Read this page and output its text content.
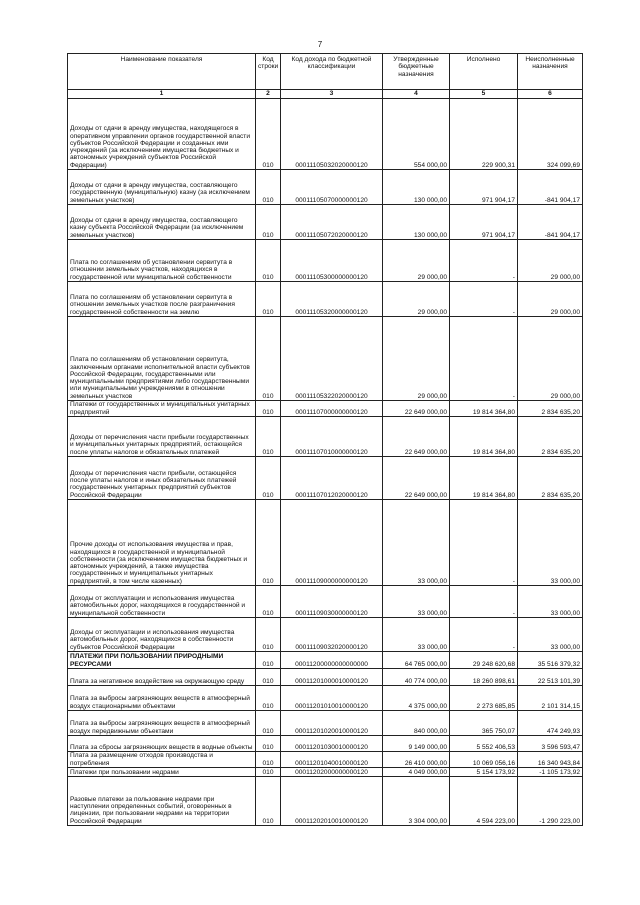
7
Наименование показателя	Код строки	Код дохода по бюджетной классификации	Утвержденные бюджетные назначения	Исполнено	Неисполненные назначения
1	2	3	4	5	6
Доходы от сдачи в аренду имущества, находящегося в оперативном управлении органов государственной власти субъектов Российской Федерации и созданных ими учреждений (за исключением имущества бюджетных и автономных учреждений субъектов Российской Федерации)	010	00011105032020000120	554 000,00	229 900,31	324 099,69
Доходы от сдачи в аренду имущества, составляющего государственную (муниципальную) казну (за исключением земельных участков)	010	00011105070000000120	130 000,00	971 904,17	-841 904,17
Доходы от сдачи в аренду имущества, составляющего казну субъекта Российской Федерации (за исключением земельных участков)	010	00011105072020000120	130 000,00	971 904,17	-841 904,17
Плата по соглашениям об установлении сервитута в отношении земельных участков, находящихся в государственной или муниципальной собственности	010	00011105300000000120	29 000,00	-	29 000,00
Плата по соглашениям об установлении сервитута в отношении земельных участков после разграничения государственной собственности на землю	010	00011105320000000120	29 000,00	-	29 000,00
Плата по соглашениям об установлении сервитута, заключенным органами исполнительной власти субъектов Российской Федерации, государственными или муниципальными предприятиями либо государственными или муниципальными учреждениями в отношении земельных участков	010	00011105322020000120	29 000,00	-	29 000,00
Платежи от государственных и муниципальных унитарных предприятий	010	00011107000000000120	22 649 000,00	19 814 364,80	2 834 635,20
Доходы от перечисления части прибыли государственных и муниципальных унитарных предприятий, остающейся после уплаты налогов и обязательных платежей	010	00011107010000000120	22 649 000,00	19 814 364,80	2 834 635,20
Доходы от перечисления части прибыли, остающейся после уплаты налогов и иных обязательных платежей государственных унитарных предприятий субъектов Российской Федерации	010	00011107012020000120	22 649 000,00	19 814 364,80	2 834 635,20
Прочие доходы от использования имущества и прав, находящихся в государственной и муниципальной собственности (за исключением имущества бюджетных и автономных учреждений, а также имущества государственных и муниципальных унитарных предприятий, в том числе казенных)	010	00011109000000000120	33 000,00	-	33 000,00
Доходы от эксплуатации и использования имущества автомобильных дорог, находящихся в государственной и муниципальной собственности	010	00011109030000000120	33 000,00	-	33 000,00
Доходы от эксплуатации и использования имущества автомобильных дорог, находящихся в собственности субъектов Российской Федерации	010	00011109032020000120	33 000,00	-	33 000,00
ПЛАТЕЖИ ПРИ ПОЛЬЗОВАНИИ ПРИРОДНЫМИ РЕСУРСАМИ	010	00011200000000000000	64 765 000,00	29 248 620,68	35 516 379,32
Плата за негативное воздействие на окружающую среду	010	00011201000010000120	40 774 000,00	18 260 898,61	22 513 101,39
Плата за выбросы загрязняющих веществ в атмосферный воздух стационарными объектами	010	00011201010010000120	4 375 000,00	2 273 685,85	2 101 314,15
Плата за выбросы загрязняющих веществ в атмосферный воздух передвижными объектами	010	00011201020010000120	840 000,00	365 750,07	474 249,93
Плата за сбросы загрязняющих веществ в водные объекты	010	00011201030010000120	9 149 000,00	5 552 406,53	3 596 593,47
Плата за размещение отходов производства и потребления	010	00011201040010000120	26 410 000,00	10 069 056,16	16 340 943,84
Платежи при пользовании недрами	010	00011202000000000120	4 049 000,00	5 154 173,92	-1 105 173,92
Разовые платежи за пользование недрами при наступлении определенных событий, оговоренных в лицензии, при пользовании недрами на территории Российской Федерации	010	00011202010010000120	3 304 000,00	4 594 223,00	-1 290 223,00
